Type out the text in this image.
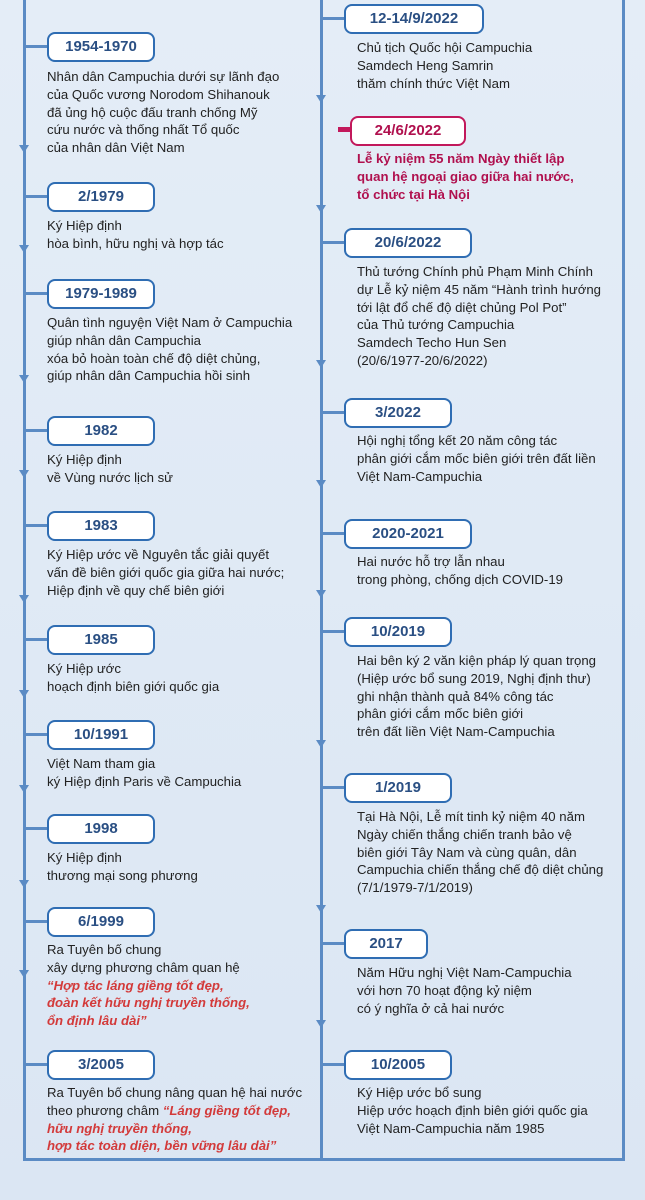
1954-1970
Nhân dân Campuchia dưới sự lãnh đạo
của Quốc vương Norodom Shihanouk
đã ủng hộ cuộc đấu tranh chống Mỹ
cứu nước và thống nhất Tổ quốc
của nhân dân Việt Nam
2/1979
Ký Hiệp định
hòa bình, hữu nghị và hợp tác
1979-1989
Quân tình nguyện Việt Nam ở Campuchia
giúp nhân dân Campuchia
xóa bỏ hoàn toàn chế độ diệt chủng,
giúp nhân dân Campuchia hồi sinh
1982
Ký Hiệp định
về Vùng nước lịch sử
1983
Ký Hiệp ước về Nguyên tắc giải quyết
vấn đề biên giới quốc gia giữa hai nước;
Hiệp định về quy chế biên giới
1985
Ký Hiệp ước
hoạch định biên giới quốc gia
10/1991
Việt Nam tham gia
ký Hiệp định Paris về Campuchia
1998
Ký Hiệp định
thương mại song phương
6/1999
Ra Tuyên bố chung
xây dựng phương châm quan hệ
“Hợp tác láng giềng tốt đẹp,
đoàn kết hữu nghị truyền thống,
ổn định lâu dài”
3/2005
Ra Tuyên bố chung nâng quan hệ hai nước
theo phương châm “Láng giềng tốt đẹp,
hữu nghị truyền thống,
hợp tác toàn diện, bền vững lâu dài”
12-14/9/2022
Chủ tịch Quốc hội Campuchia
Samdech Heng Samrin
thăm chính thức Việt Nam
24/6/2022
Lễ kỷ niệm 55 năm Ngày thiết lập
quan hệ ngoại giao giữa hai nước,
tổ chức tại Hà Nội
20/6/2022
Thủ tướng Chính phủ Phạm Minh Chính
dự Lễ kỷ niệm 45 năm “Hành trình hướng
tới lật đổ chế độ diệt chủng Pol Pot”
của Thủ tướng Campuchia
Samdech Techo Hun Sen
(20/6/1977-20/6/2022)
3/2022
Hội nghị tổng kết 20 năm công tác
phân giới cắm mốc biên giới trên đất liền
Việt Nam-Campuchia
2020-2021
Hai nước hỗ trợ lẫn nhau
trong phòng, chống dịch COVID-19
10/2019
Hai bên ký 2 văn kiện pháp lý quan trọng
(Hiệp ước bổ sung 2019, Nghị định thư)
ghi nhận thành quả 84% công tác
phân giới cắm mốc biên giới
trên đất liền Việt Nam-Campuchia
1/2019
Tại Hà Nội, Lễ mít tinh kỷ niệm 40 năm
Ngày chiến thắng chiến tranh bảo vệ
biên giới Tây Nam và cùng quân, dân
Campuchia chiến thắng chế độ diệt chủng
(7/1/1979-7/1/2019)
2017
Năm Hữu nghị Việt Nam-Campuchia
với hơn 70 hoạt động kỷ niệm
có ý nghĩa ở cả hai nước
10/2005
Ký Hiệp ước bổ sung
Hiệp ước hoạch định biên giới quốc gia
Việt Nam-Campuchia năm 1985
